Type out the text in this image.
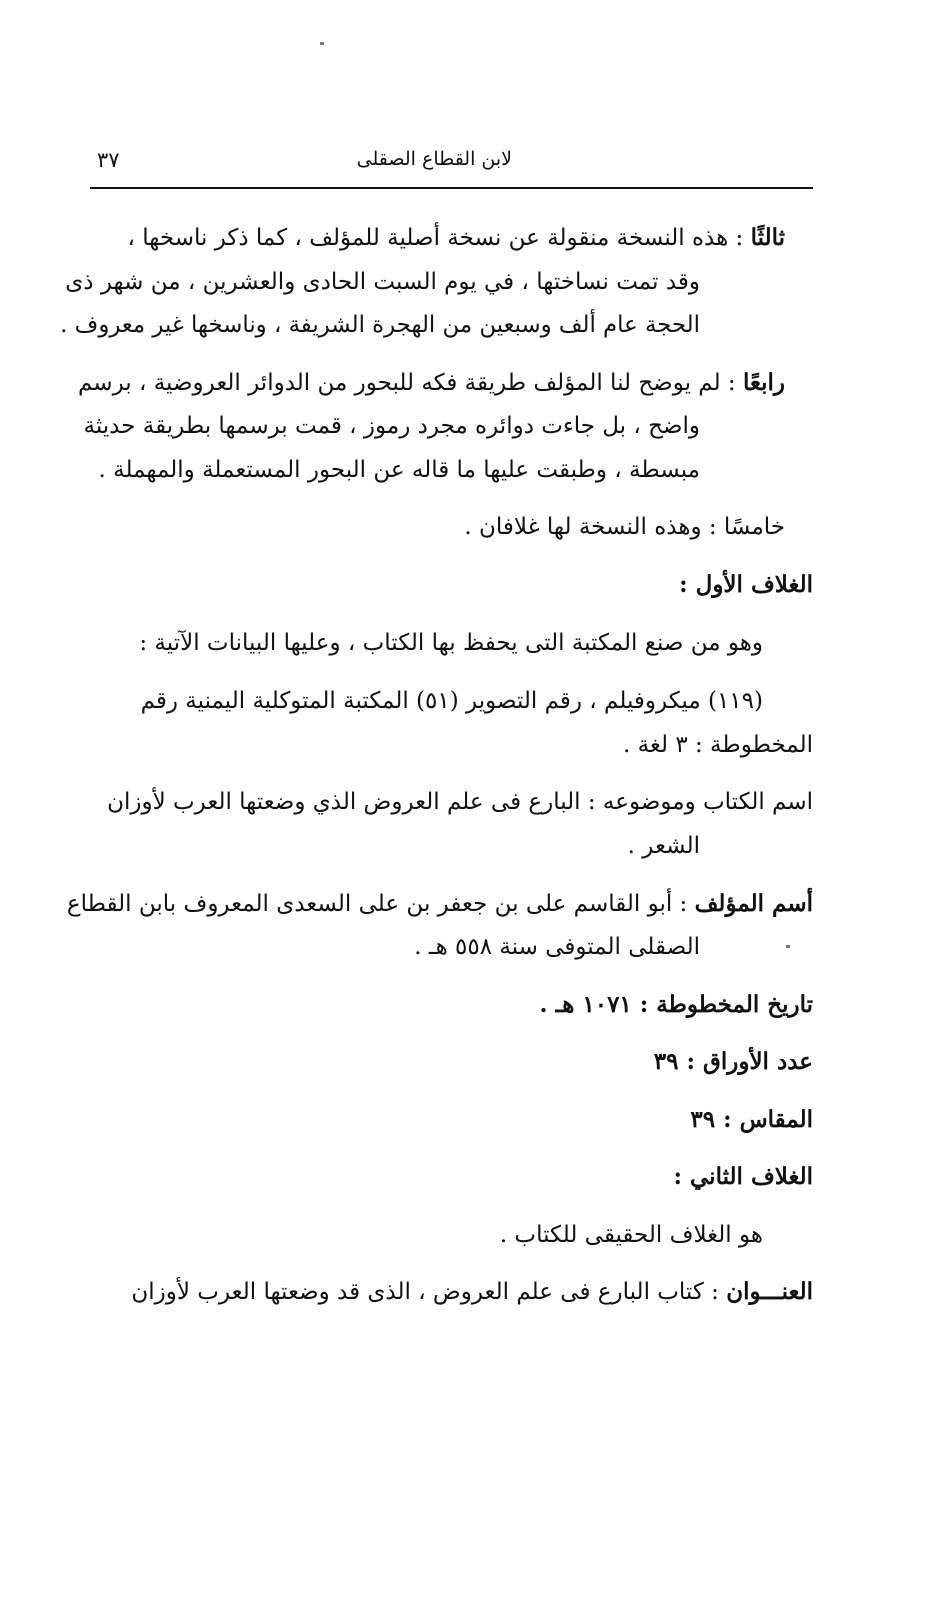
لابن القطاع الصقلى
٣٧
ثالثًا : هذه النسخة منقولة عن نسخة أصلية للمؤلف ، كما ذكر ناسخها ،
وقد تمت نساختها ، في يوم السبت الحادى والعشرين ، من شهر ذى
الحجة عام ألف وسبعين من الهجرة الشريفة ، وناسخها غير معروف .
رابعًا : لم يوضح لنا المؤلف طريقة فكه للبحور من الدوائر العروضية ، برسم
واضح ، بل جاءت دوائره مجرد رموز ، قمت برسمها بطريقة حديثة
مبسطة ، وطبقت عليها ما قاله عن البحور المستعملة والمهملة .
خامسًا : وهذه النسخة لها غلافان .
الغلاف الأول :
وهو من صنع المكتبة التى يحفظ بها الكتاب ، وعليها البيانات الآتية :
(١١٩) ميكروفيلم ، رقم التصوير (٥١) المكتبة المتوكلية اليمنية رقم
المخطوطة : ٣ لغة .
اسم الكتاب وموضوعه : البارع فى علم العروض الذي وضعتها العرب لأوزان
الشعر .
أسم المؤلف : أبو القاسم على بن جعفر بن على السعدى المعروف بابن القطاع
الصقلى المتوفى سنة ٥٥٨ هـ .
تاريخ المخطوطة : ١٠٧١ هـ .
عدد الأوراق : ٣٩
المقاس : ٣٩
الغلاف الثاني :
هو الغلاف الحقيقى للكتاب .
العنـــوان : كتاب البارع فى علم العروض ، الذى قد وضعتها العرب لأوزان
